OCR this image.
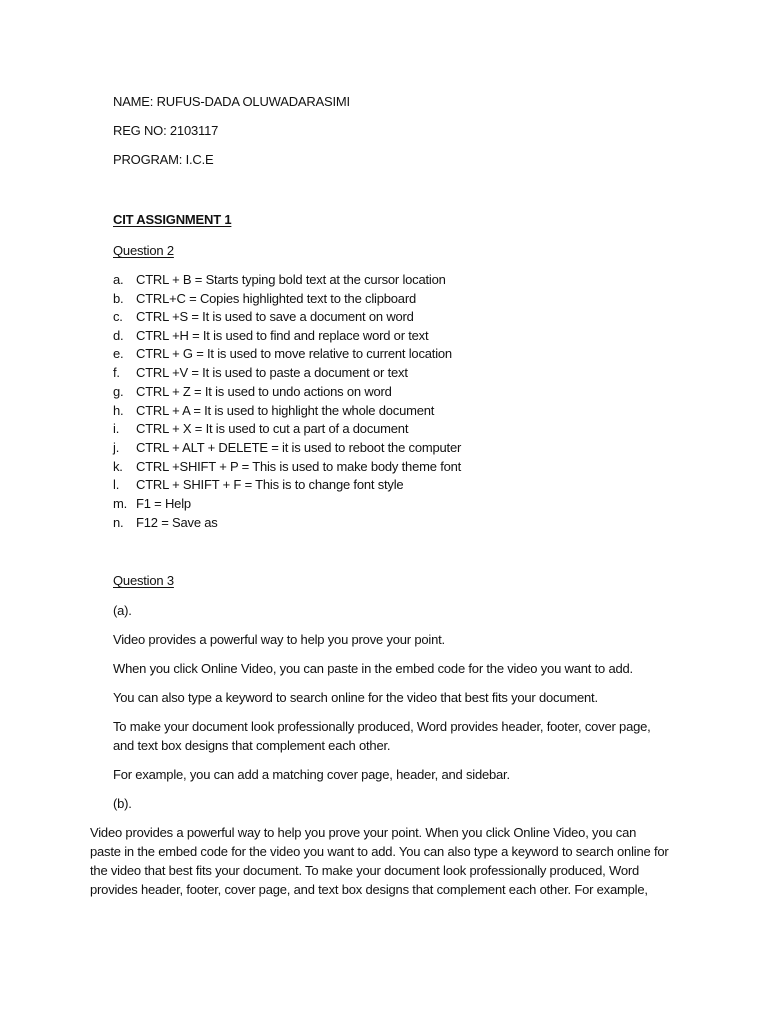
NAME: RUFUS-DADA OLUWADARASIMI
REG NO: 2103117
PROGRAM: I.C.E
CIT ASSIGNMENT 1
Question 2
a. CTRL + B = Starts typing bold text at the cursor location
b. CTRL+C = Copies highlighted text to the clipboard
c. CTRL +S = It is used to save a document on word
d. CTRL +H = It is used to find and replace word or text
e. CTRL + G = It is used to move relative to current location
f. CTRL +V = It is used to paste a document or text
g. CTRL + Z = It is used to undo actions on word
h. CTRL + A = It is used to highlight the whole document
i. CTRL + X = It is used to cut a part of a document
j. CTRL + ALT + DELETE = it is used to reboot the computer
k. CTRL +SHIFT + P = This is used to make body theme font
l. CTRL + SHIFT + F = This is to change font style
m. F1 = Help
n. F12 = Save as
Question 3
(a).
Video provides a powerful way to help you prove your point.
When you click Online Video, you can paste in the embed code for the video you want to add.
You can also type a keyword to search online for the video that best fits your document.
To make your document look professionally produced, Word provides header, footer, cover page,
and text box designs that complement each other.
For example, you can add a matching cover page, header, and sidebar.
(b).
Video provides a powerful way to help you prove your point. When you click Online Video, you can
paste in the embed code for the video you want to add. You can also type a keyword to search online for
the video that best fits your document. To make your document look professionally produced, Word
provides header, footer, cover page, and text box designs that complement each other. For example,
